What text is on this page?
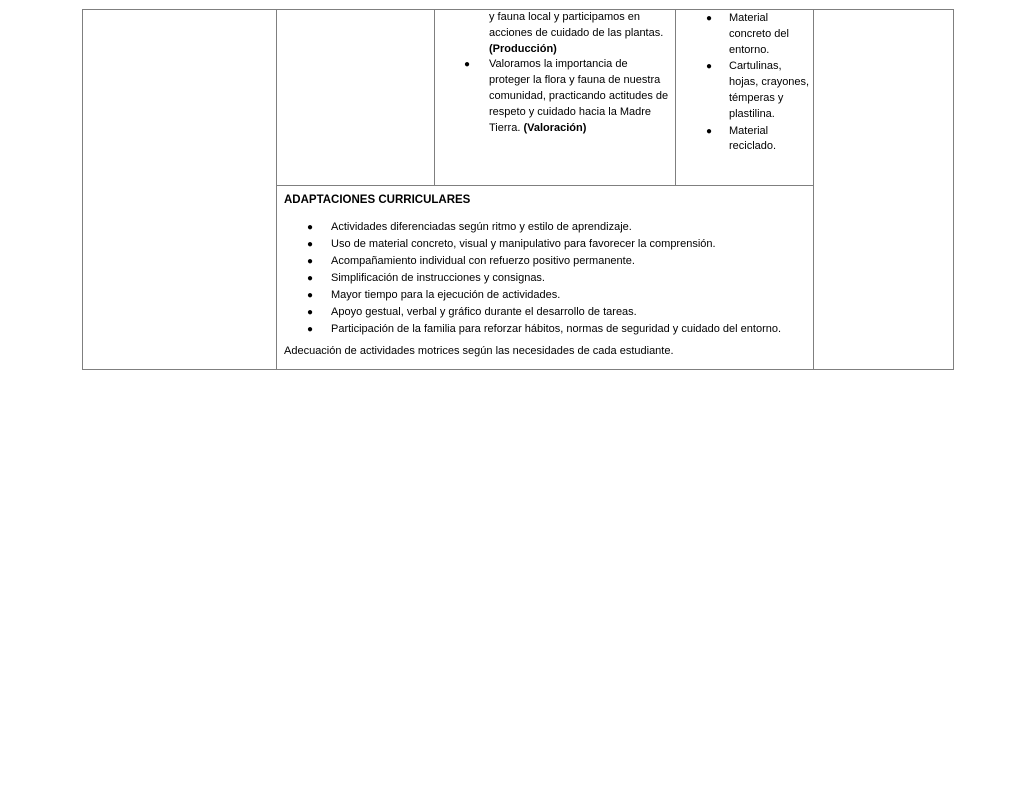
y fauna local y participamos en acciones de cuidado de las plantas. (Producción)
● Valoramos la importancia de proteger la flora y fauna de nuestra comunidad, practicando actitudes de respeto y cuidado hacia la Madre Tierra. (Valoración)
● Material concreto del entorno.
● Cartulinas, hojas, crayones, témperas y plastilina.
● Material reciclado.
ADAPTACIONES CURRICULARES
● Actividades diferenciadas según ritmo y estilo de aprendizaje.
● Uso de material concreto, visual y manipulativo para favorecer la comprensión.
● Acompañamiento individual con refuerzo positivo permanente.
● Simplificación de instrucciones y consignas.
● Mayor tiempo para la ejecución de actividades.
● Apoyo gestual, verbal y gráfico durante el desarrollo de tareas.
● Participación de la familia para reforzar hábitos, normas de seguridad y cuidado del entorno.
Adecuación de actividades motrices según las necesidades de cada estudiante.
